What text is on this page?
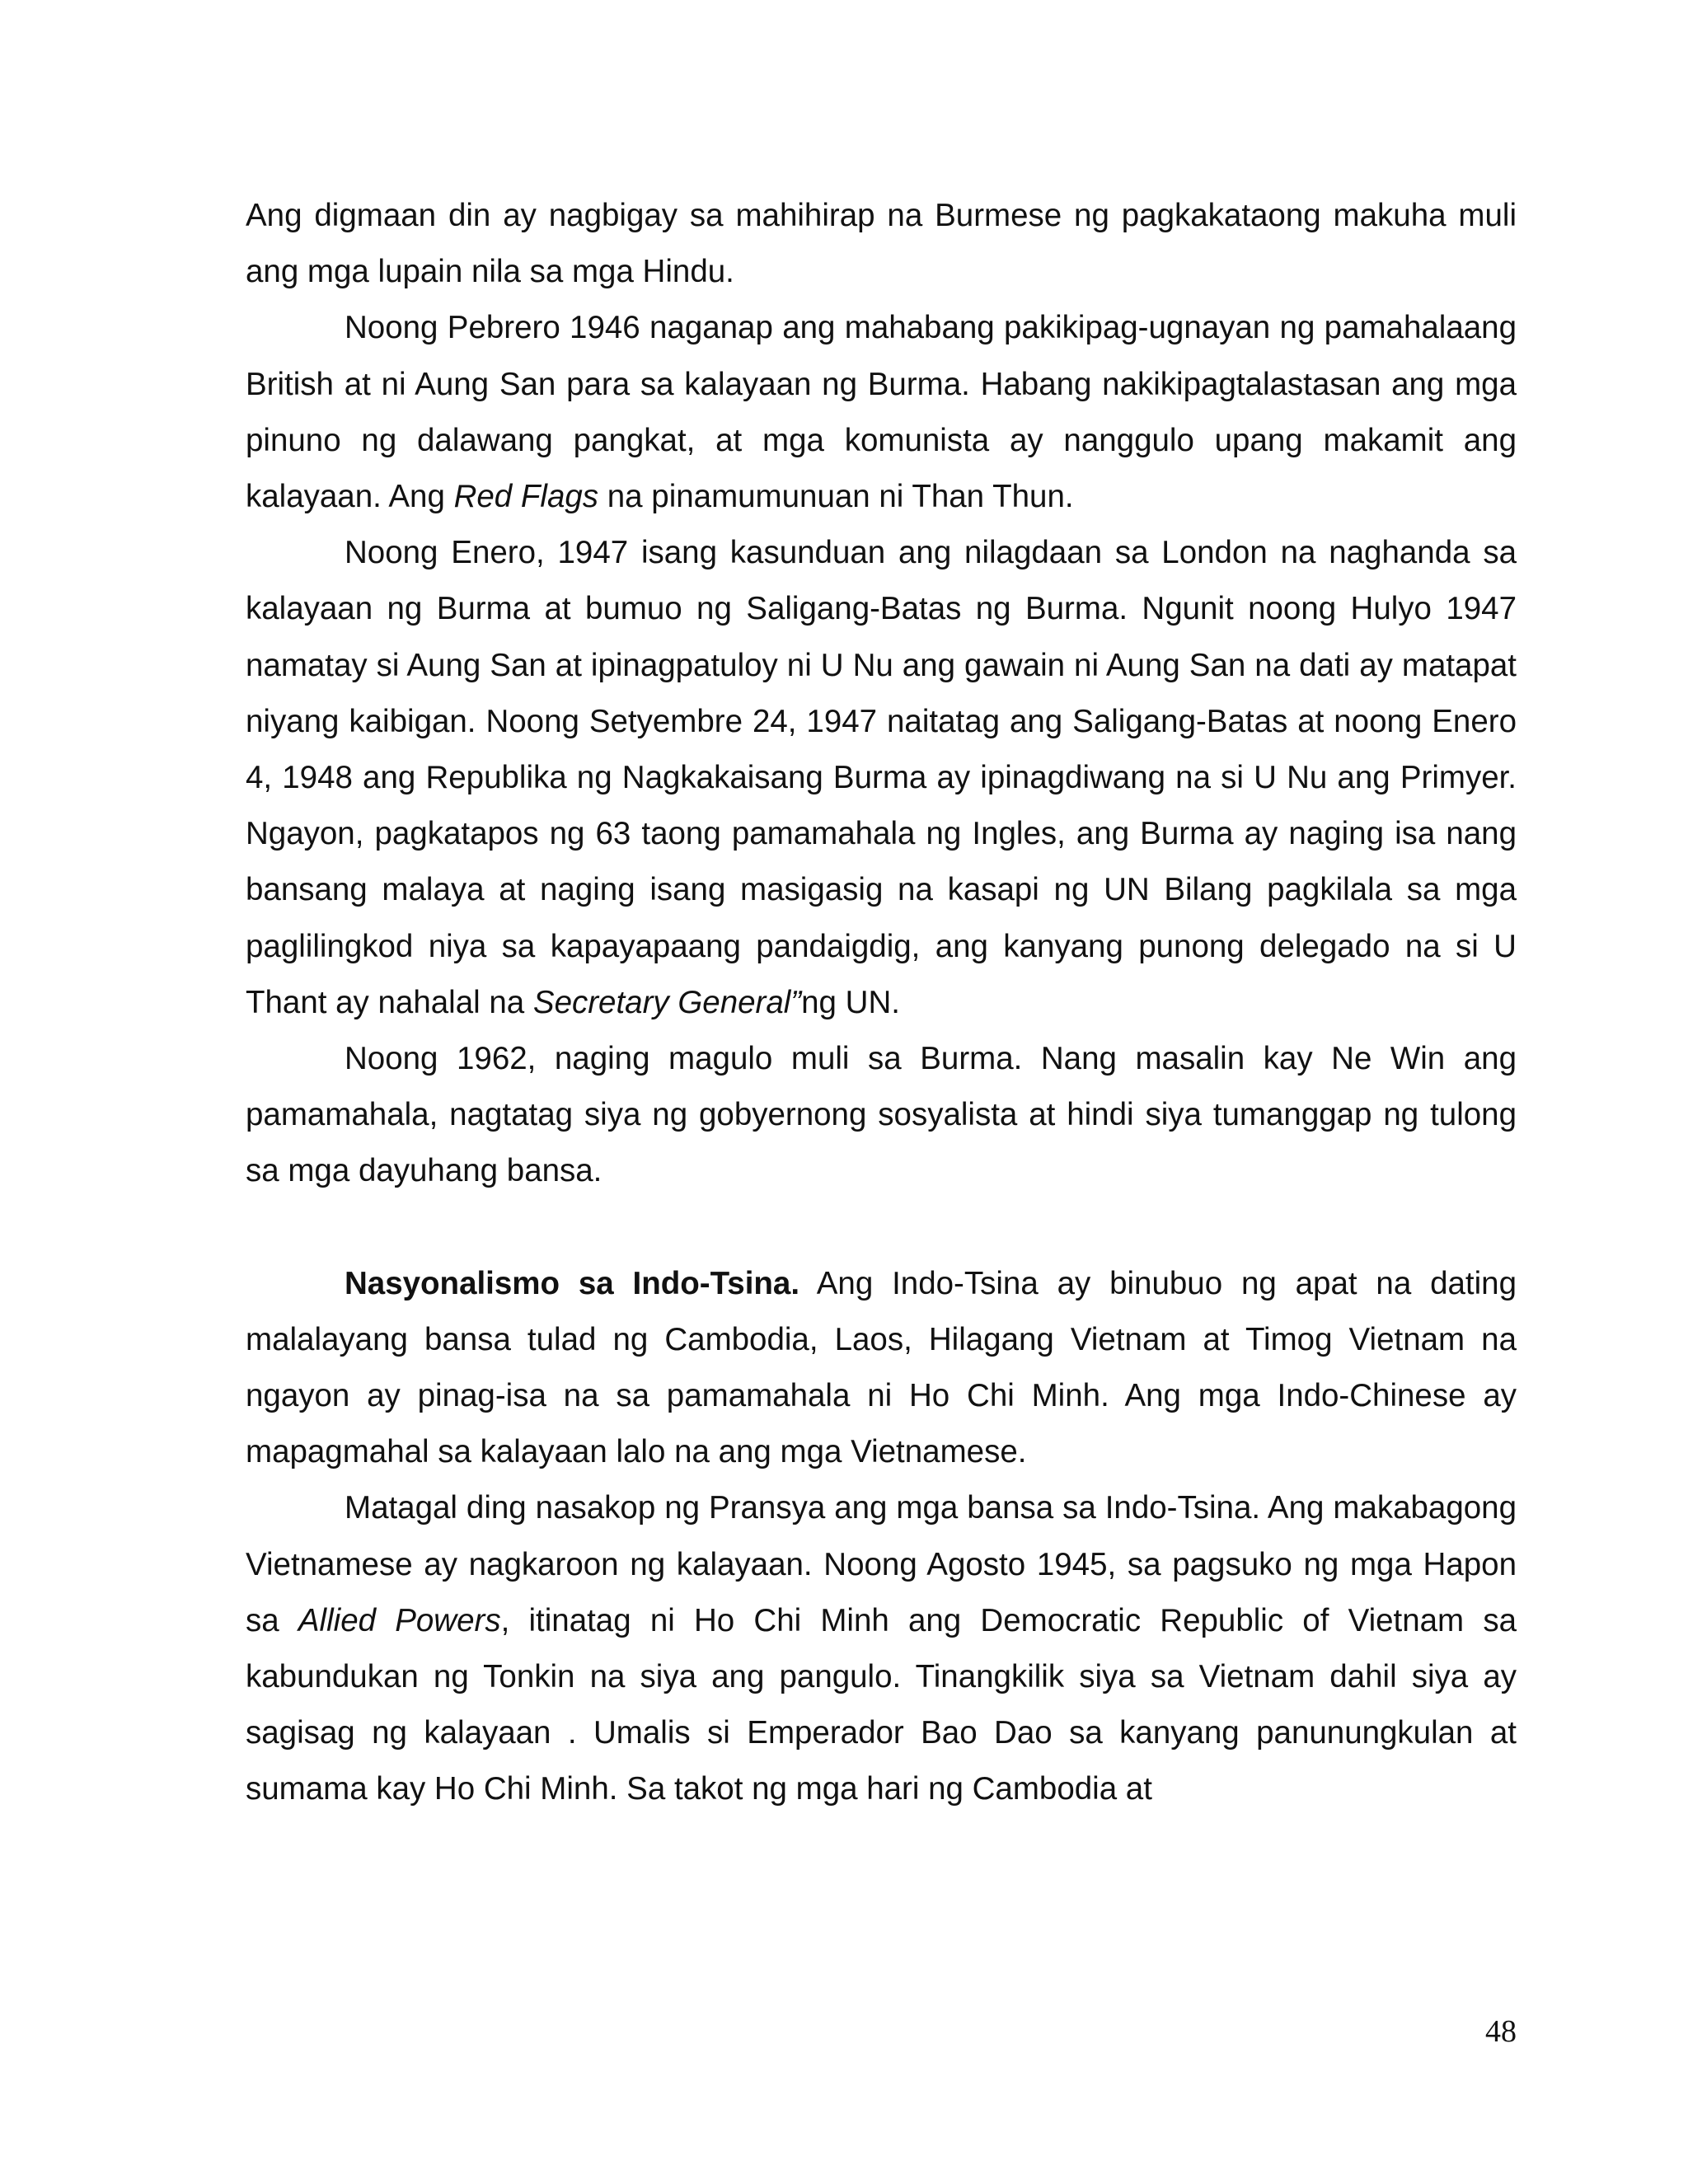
Ang digmaan din ay nagbigay sa mahihirap na Burmese ng pagkakataong makuha muli ang mga lupain nila sa mga Hindu.

Noong Pebrero 1946 naganap ang mahabang pakikipag-ugnayan ng pamahalaang British at ni Aung San para sa kalayaan ng Burma. Habang nakikipagtalastasan ang mga pinuno ng dalawang pangkat, at mga komunista ay nanggulo upang makamit ang kalayaan. Ang Red Flags na pinamumunuan ni Than Thun.

Noong Enero, 1947 isang kasunduan ang nilagdaan sa London na naghanda sa kalayaan ng Burma at bumuo ng Saligang-Batas ng Burma. Ngunit noong Hulyo 1947 namatay si Aung San at ipinagpatuloy ni U Nu ang gawain ni Aung San na dati ay matapat niyang kaibigan. Noong Setyembre 24, 1947 naitatag ang Saligang-Batas at noong Enero 4, 1948 ang Republika ng Nagkakaisang Burma ay ipinagdiwang na si U Nu ang Primyer. Ngayon, pagkatapos ng 63 taong pamamahala ng Ingles, ang Burma ay naging isa nang bansang malaya at naging isang masigasig na kasapi ng UN Bilang pagkilala sa mga paglilingkod niya sa kapayapaang pandaigdig, ang kanyang punong delegado na si U Thant ay nahalal na Secretary General”ng UN.

Noong 1962, naging magulo muli sa Burma. Nang masalin kay Ne Win ang pamamahala, nagtatag siya ng gobyernong sosyalista at hindi siya tumanggap ng tulong sa mga dayuhang bansa.

Nasyonalismo sa Indo-Tsina. Ang Indo-Tsina ay binubuo ng apat na dating malalayang bansa tulad ng Cambodia, Laos, Hilagang Vietnam at Timog Vietnam na ngayon ay pinag-isa na sa pamamahala ni Ho Chi Minh. Ang mga Indo-Chinese ay mapagmahal sa kalayaan lalo na ang mga Vietnamese.

Matagal ding nasakop ng Pransya ang mga bansa sa Indo-Tsina. Ang makabagong Vietnamese ay nagkaroon ng kalayaan. Noong Agosto 1945, sa pagsuko ng mga Hapon sa Allied Powers, itinatag ni Ho Chi Minh ang Democratic Republic of Vietnam sa kabundukan ng Tonkin na siya ang pangulo. Tinangkilik siya sa Vietnam dahil siya ay sagisag ng kalayaan . Umalis si Emperador Bao Dao sa kanyang panunungkulan at sumama kay Ho Chi Minh. Sa takot ng mga hari ng Cambodia at

48
